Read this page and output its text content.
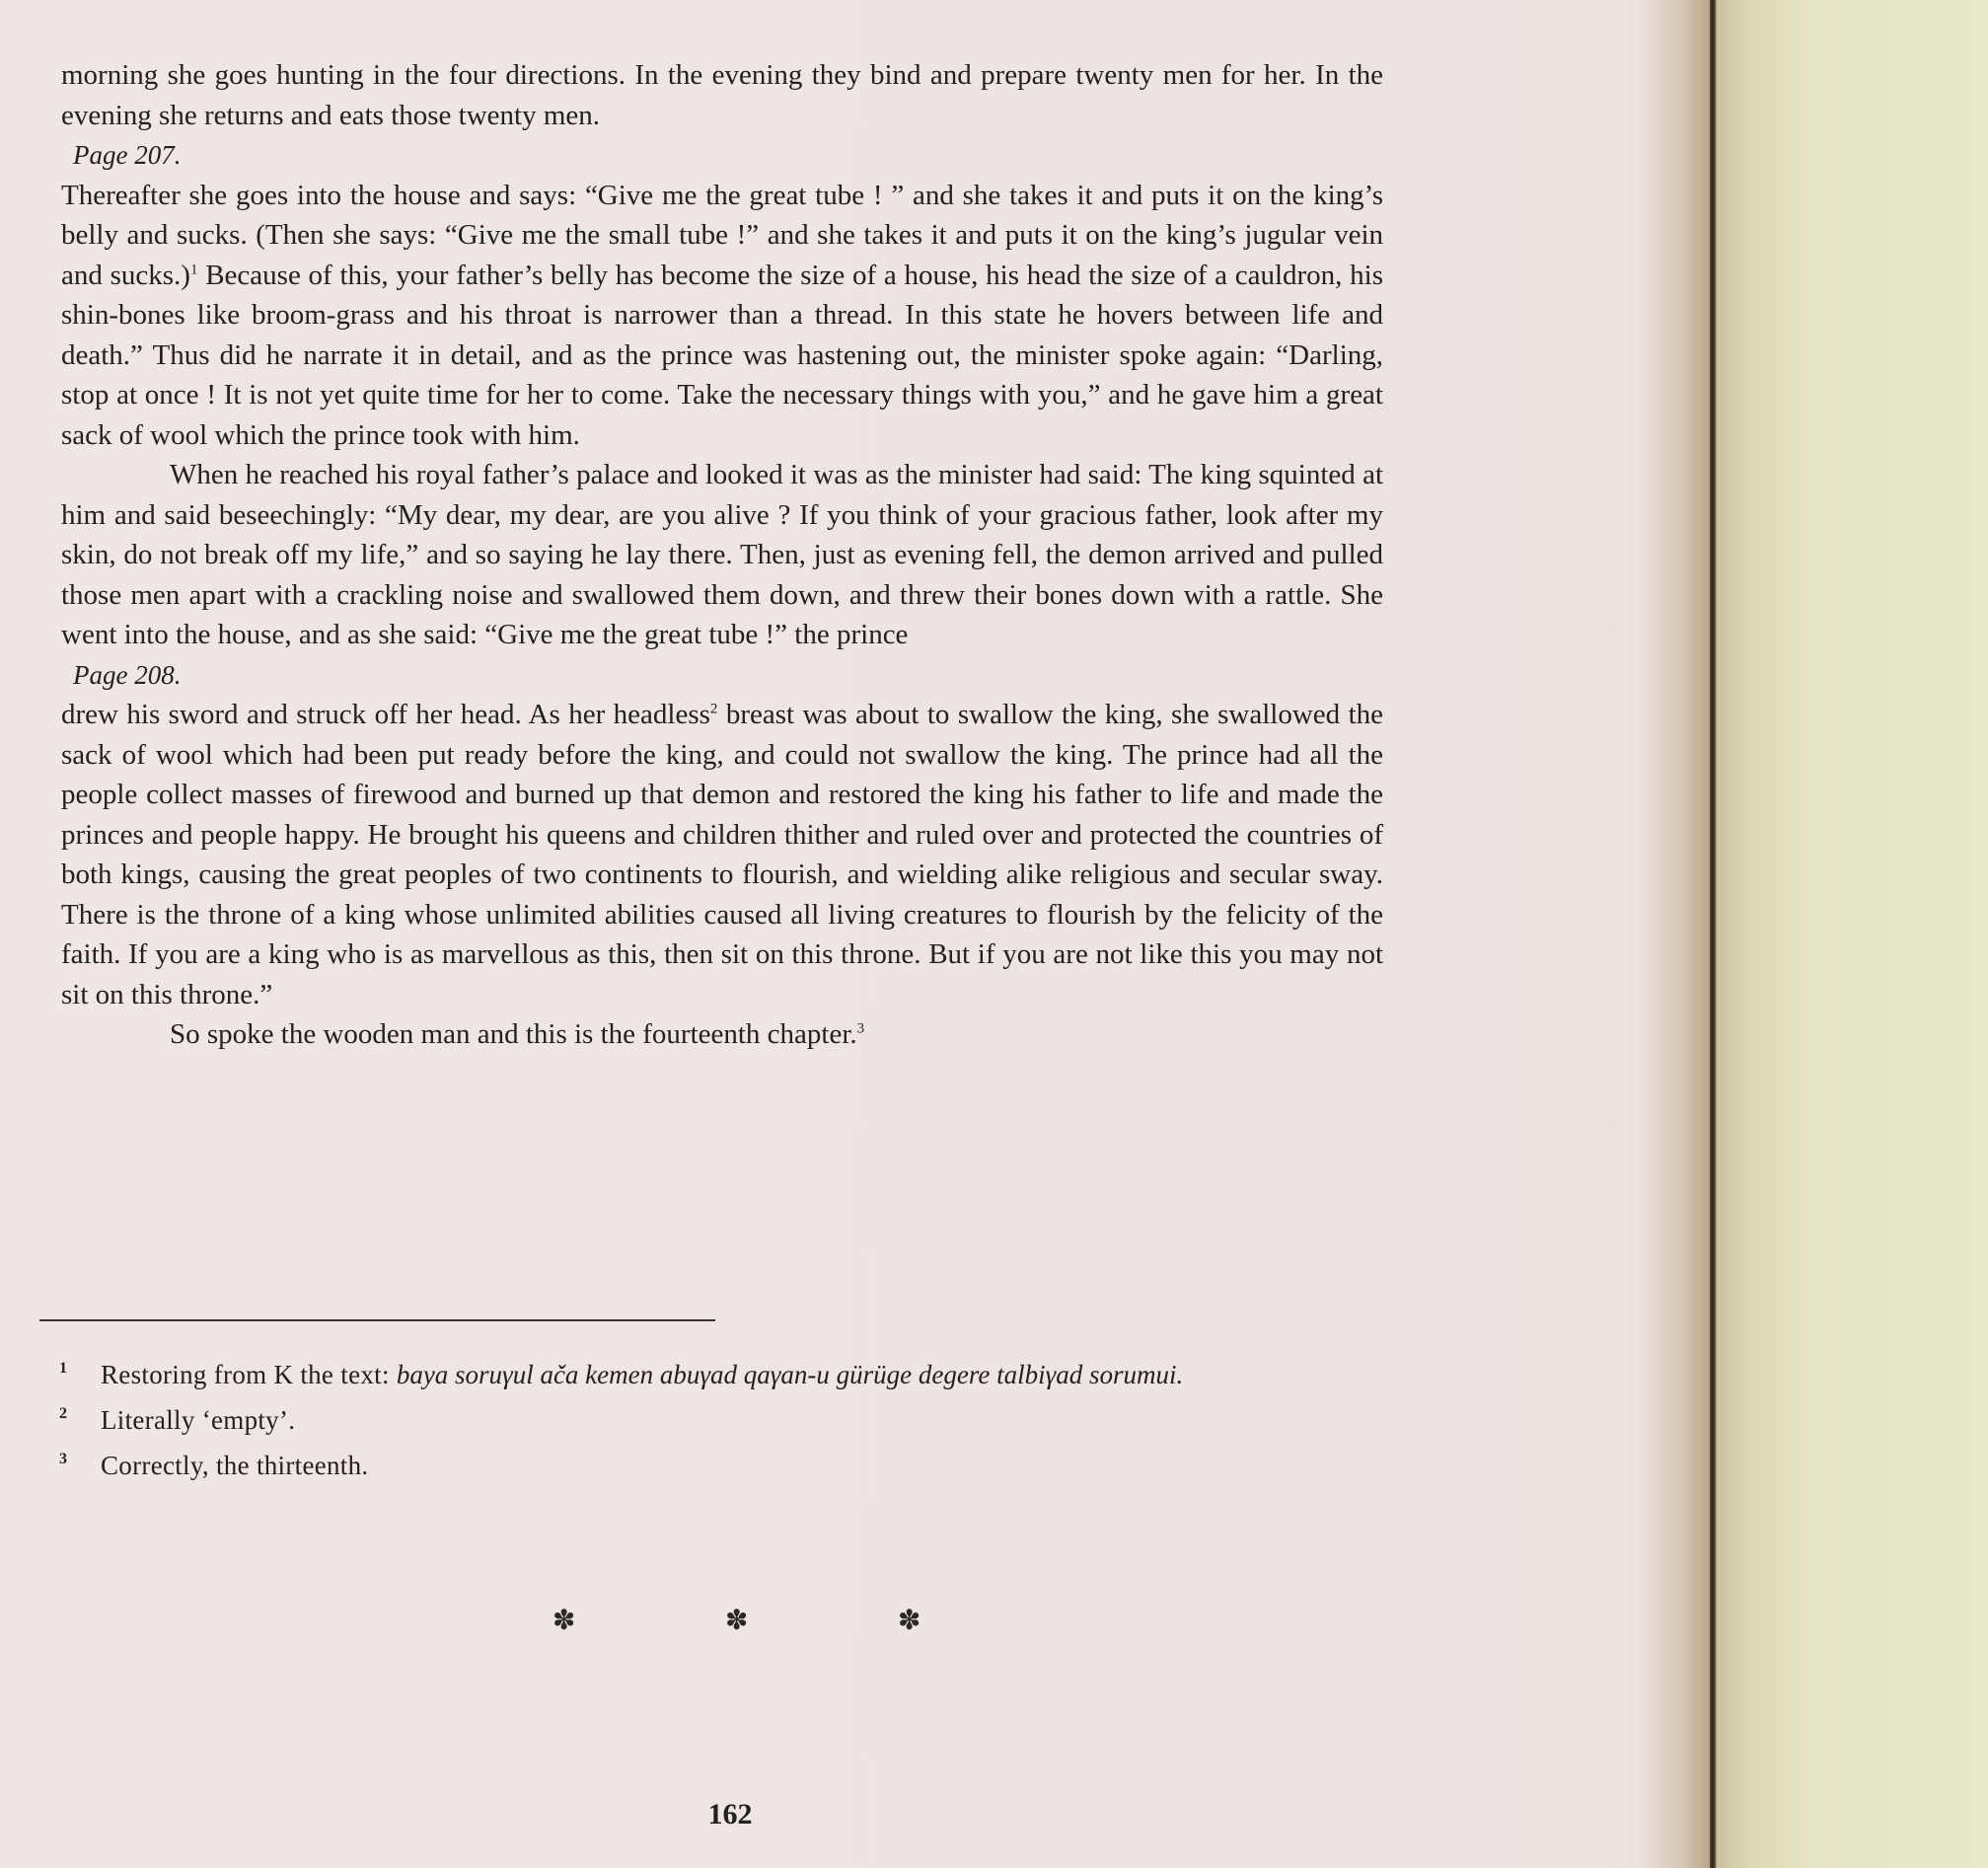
morning she goes hunting in the four directions. In the evening they bind and prepare twenty men for her. In the evening she returns and eats those twenty men.

Page 207.

Thereafter she goes into the house and says: “Give me the great tube ! ” and she takes it and puts it on the king’s belly and sucks. (Then she says: “Give me the small tube !” and she takes it and puts it on the king’s jugular vein and sucks.)$^1$ Because of this, your father’s belly has become the size of a house, his head the size of a cauldron, his shin-bones like broom-grass and his throat is narrower than a thread. In this state he hovers between life and death.” Thus did he narrate it in detail, and as the prince was hastening out, the minister spoke again: “Darling, stop at once ! It is not yet quite time for her to come. Take the necessary things with you,” and he gave him a great sack of wool which the prince took with him.

When he reached his royal father’s palace and looked it was as the minister had said: The king squinted at him and said beseechingly: “My dear, my dear, are you alive ? If you think of your gracious father, look after my skin, do not break off my life,” and so saying he lay there. Then, just as evening fell, the demon arrived and pulled those men apart with a crackling noise and swallowed them down, and threw their bones down with a rattle. She went into the house, and as she said: “Give me the great tube !” the prince

Page 208.

drew his sword and struck off her head. As her headless$^2$ breast was about to swallow the king, she swallowed the sack of wool which had been put ready before the king, and could not swallow the king. The prince had all the people collect masses of firewood and burned up that demon and restored the king his father to life and made the princes and people happy. He brought his queens and children thither and ruled over and protected the countries of both kings, causing the great peoples of two continents to flourish, and wielding alike religious and secular sway. There is the throne of a king whose unlimited abilities caused all living creatures to flourish by the felicity of the faith. If you are a king who is as marvellous as this, then sit on this throne. But if you are not like this you may not sit on this throne.”

So spoke the wooden man and this is the fourteenth chapter.$^3$

1 Restoring from K the text: baya soruγul ača kemen abuγad qaγan-u gürüge degere talbiγad sorumui.

2 Literally ‘empty’.

3 Correctly, the thirteenth.

✽	✽	✽
162
